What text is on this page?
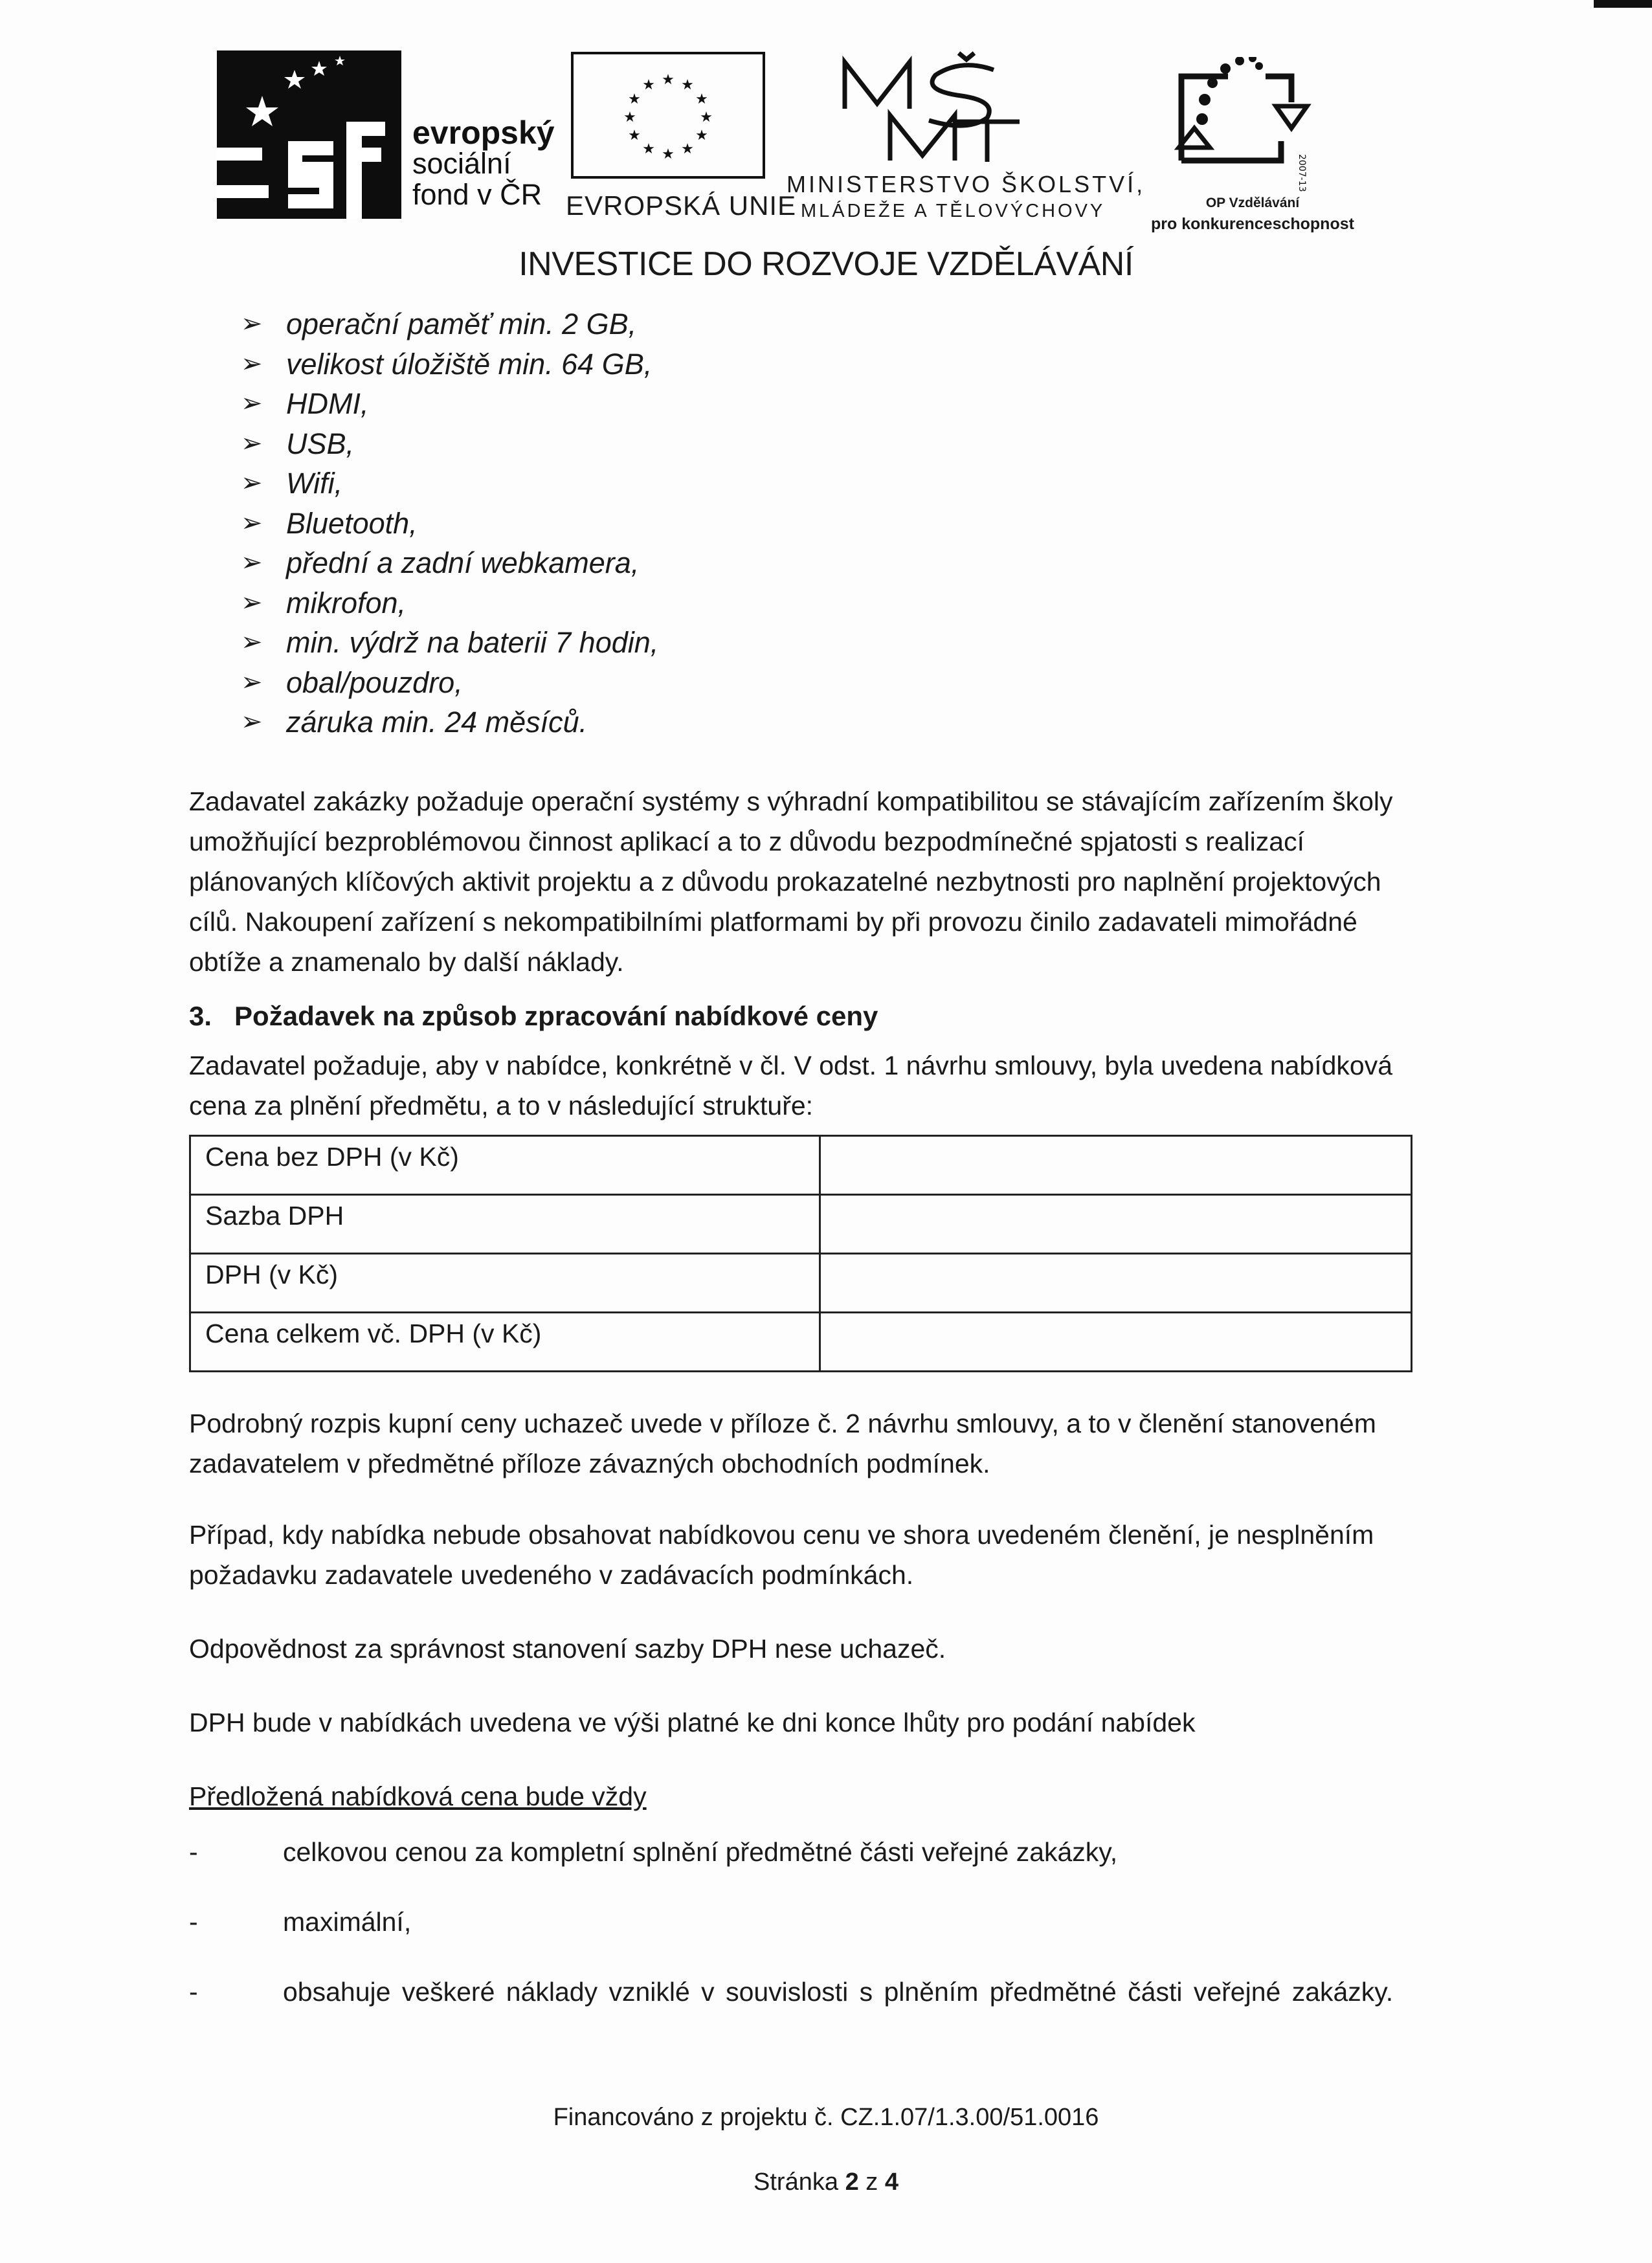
evropský
sociální
fond v ČR
★ ★
★
★
★
★
★
★
★
★
★
★
EVROPSKÁ UNIE
MINISTERSTVO ŠKOLSTVÍ,
MLÁDEŽE A TĚLOVÝCHOVY
2007-13
OP Vzdělávání
pro konkurenceschopnost
INVESTICE DO ROZVOJE VZDĚLÁVÁNÍ
➢ operační paměť min. 2 GB,
➢ velikost úložiště min. 64 GB,
➢ HDMI,
➢ USB,
➢ Wifi,
➢ Bluetooth,
➢ přední a zadní webkamera,
➢ mikrofon,
➢ min. výdrž na baterii 7 hodin,
➢ obal/pouzdro,
➢ záruka min. 24 měsíců.

Zadavatel zakázky požaduje operační systémy s výhradní kompatibilitou se stávajícím zařízením školy umožňující bezproblémovou činnost aplikací a to z důvodu bezpodmínečné spjatosti s realizací plánovaných klíčových aktivit projektu a z důvodu prokazatelné nezbytnosti pro naplnění projektových cílů. Nakoupení zařízení s nekompatibilními platformami by při provozu činilo zadavateli mimořádné obtíže a znamenalo by další náklady.

3. Požadavek na způsob zpracování nabídkové ceny

Zadavatel požaduje, aby v nabídce, konkrétně v čl. V odst. 1 návrhu smlouvy, byla uvedena nabídková cena za plnění předmětu, a to v následující struktuře:

Cena bez DPH (v Kč)	
Sazba DPH	
DPH (v Kč)	
Cena celkem vč. DPH (v Kč)	

Podrobný rozpis kupní ceny uchazeč uvede v příloze č. 2 návrhu smlouvy, a to v členění stanoveném zadavatelem v předmětné příloze závazných obchodních podmínek.

Případ, kdy nabídka nebude obsahovat nabídkovou cenu ve shora uvedeném členění, je nesplněním požadavku zadavatele uvedeného v zadávacích podmínkách.

Odpovědnost za správnost stanovení sazby DPH nese uchazeč.

DPH bude v nabídkách uvedena ve výši platné ke dni konce lhůty pro podání nabídek

Předložená nabídková cena bude vždy

-	celkovou cenou za kompletní splnění předmětné části veřejné zakázky,
-	maximální,
-	obsahuje veškeré náklady vzniklé v souvislosti s plněním předmětné části veřejné zakázky.
Financováno z projektu č. CZ.1.07/1.3.00/51.0016
Stránka 2 z 4
